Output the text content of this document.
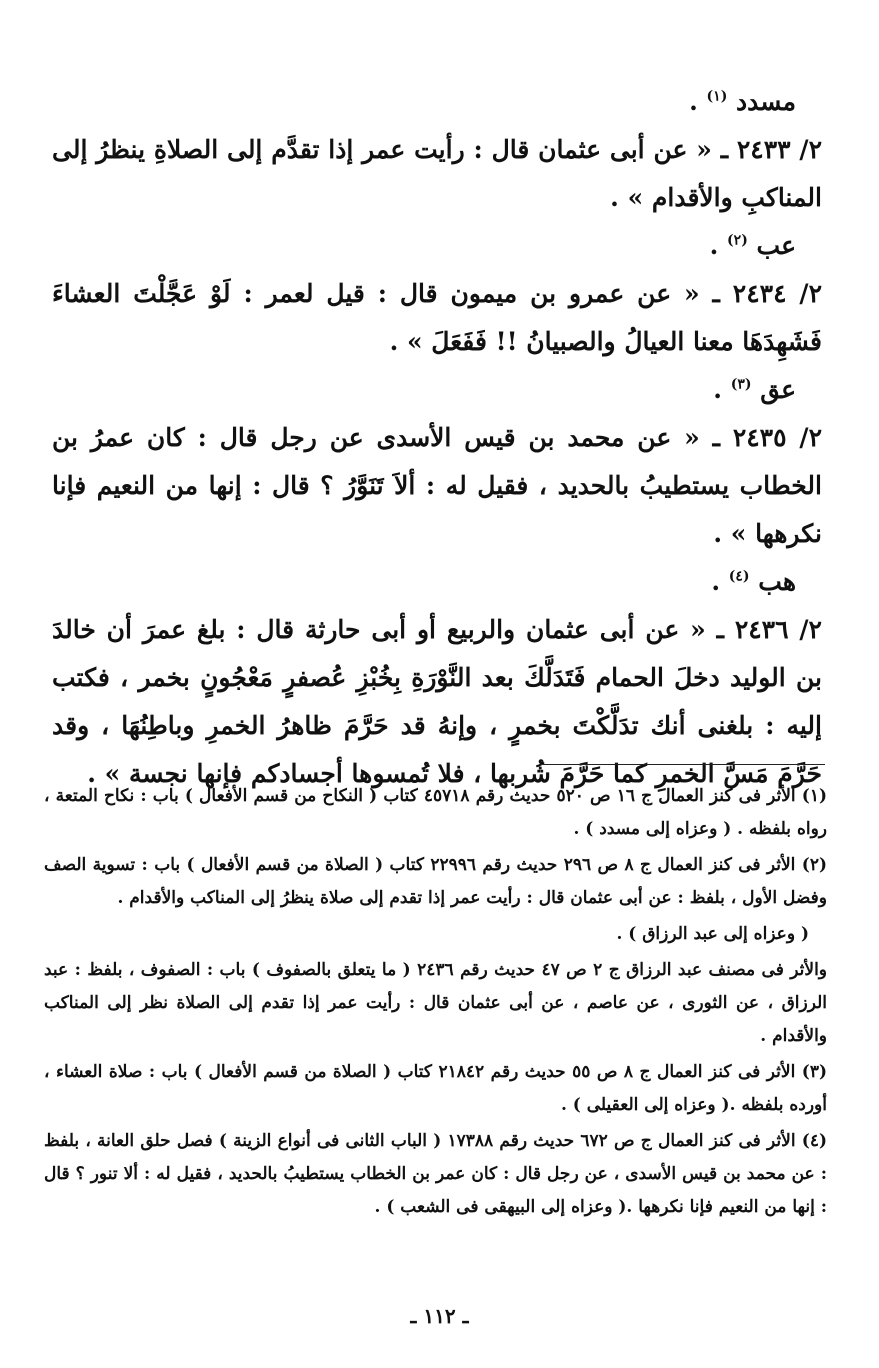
مسدد $^{(١)}$ .

٢/ ٢٤٣٣ ـ « عن أبى عثمان قال : رأيت عمر إذا تقدَّم إلى الصلاةِ ينظرُ إلى المناكبِ والأقدام » .

عب $^{(٢)}$ .

٢/ ٢٤٣٤ ـ « عن عمرو بن ميمون قال : قيل لعمر : لَوْ عَجَّلْتَ العشاءَ فَشَهِدَهَا معنا العيالُ والصبيانُ !! فَفَعَلَ » .

عق $^{(٣)}$ .

٢/ ٢٤٣٥ ـ « عن محمد بن قيس الأسدى عن رجل قال : كان عمرُ بن الخطاب يستطيبُ بالحديد ، فقيل له : ألاَ تَنَوَّرُ ؟ قال : إنها من النعيم فإنا نكرهها » .

هب $^{(٤)}$ .

٢/ ٢٤٣٦ ـ « عن أبى عثمان والربيع أو أبى حارثة قال : بلغ عمرَ أن خالدَ بن الوليد دخلَ الحمام فَتَدَلَّكَ بعد النَّوْرَةِ بِخُبْزِ عُصفرٍ مَعْجُونٍ بخمر ، فكتب إليه : بلغنى أنك تدَلَّكْتَ بخمرٍ ، وإنهُ قد حَرَّمَ ظاهرُ الخمرِ وباطِنُهَا ، وقد حَرَّمَ مَسَّ الخمرِ كما حَرَّمَ شُربها ، فلا تُمسوها أجسادكم فإنها نجسة » .

(١) الأثر فى كنز العمال ج ١٦ ص ٥٢٠ حديث رقم ٤٥٧١٨ كتاب ( النكاح من قسم الأفعال ) باب : نكاح المتعة ، رواه بلفظه . ( وعزاه إلى مسدد ) .

(٢) الأثر فى كنز العمال ج ٨ ص ٢٩٦ حديث رقم ٢٢٩٩٦ كتاب ( الصلاة من قسم الأفعال ) باب : تسوية الصف وفضل الأول ، بلفظ : عن أبى عثمان قال : رأيت عمر إذا تقدم إلى صلاة ينظرُ إلى المناكب والأقدام .

( وعزاه إلى عبد الرزاق ) .

والأثر فى مصنف عبد الرزاق ج ٢ ص ٤٧ حديث رقم ٢٤٣٦ ( ما يتعلق بالصفوف ) باب : الصفوف ، بلفظ : عبد الرزاق ، عن الثورى ، عن عاصم ، عن أبى عثمان قال : رأيت عمر إذا تقدم إلى الصلاة نظر إلى المناكب والأقدام .

(٣) الأثر فى كنز العمال ج ٨ ص ٥٥ حديث رقم ٢١٨٤٢ كتاب ( الصلاة من قسم الأفعال ) باب : صلاة العشاء ، أورده بلفظه .( وعزاه إلى العقيلى ) .

(٤) الأثر فى كنز العمال ج ص ٦٧٢ حديث رقم ١٧٣٨٨ ( الباب الثانى فى أنواع الزينة ) فصل حلق العانة ، بلفظ : عن محمد بن قيس الأسدى ، عن رجل قال : كان عمر بن الخطاب يستطيبُ بالحديد ، فقيل له : ألا تنور ؟ قال : إنها من النعيم فإنا نكرهها .( وعزاه إلى البيهقى فى الشعب ) .

ـ ١١٢ ـ
